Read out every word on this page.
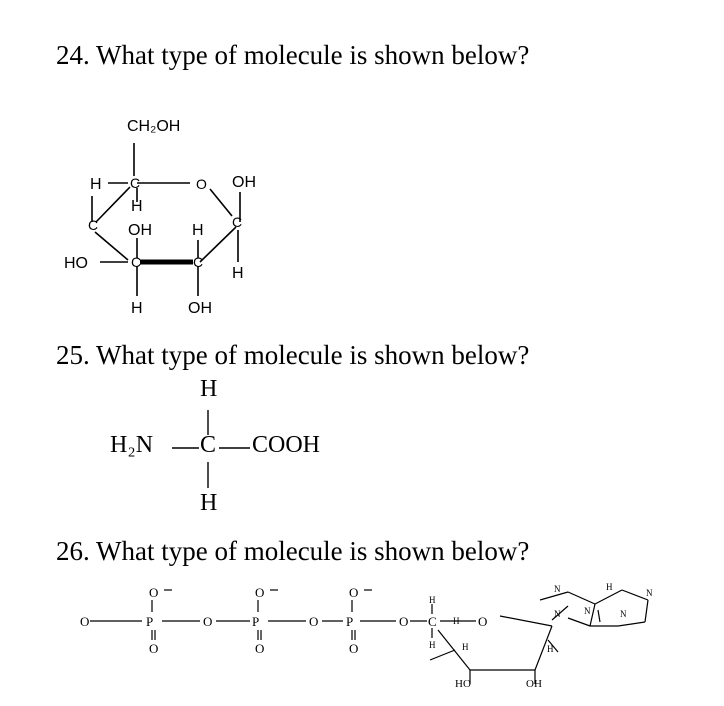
24. What type of molecule is shown below?
C
C	C
C	C
O
CH₂OH
OH
H
H
OH	H
H
HO
H	OH
25. What type of molecule is shown below?
H
H₂N C COOH
H
26. What type of molecule is shown below?
P	P	P
O	O	O
O	O	O
O	O	O
O	C	O
H
H
H
H	H
N
N	N	N
N
H
HO	OH
